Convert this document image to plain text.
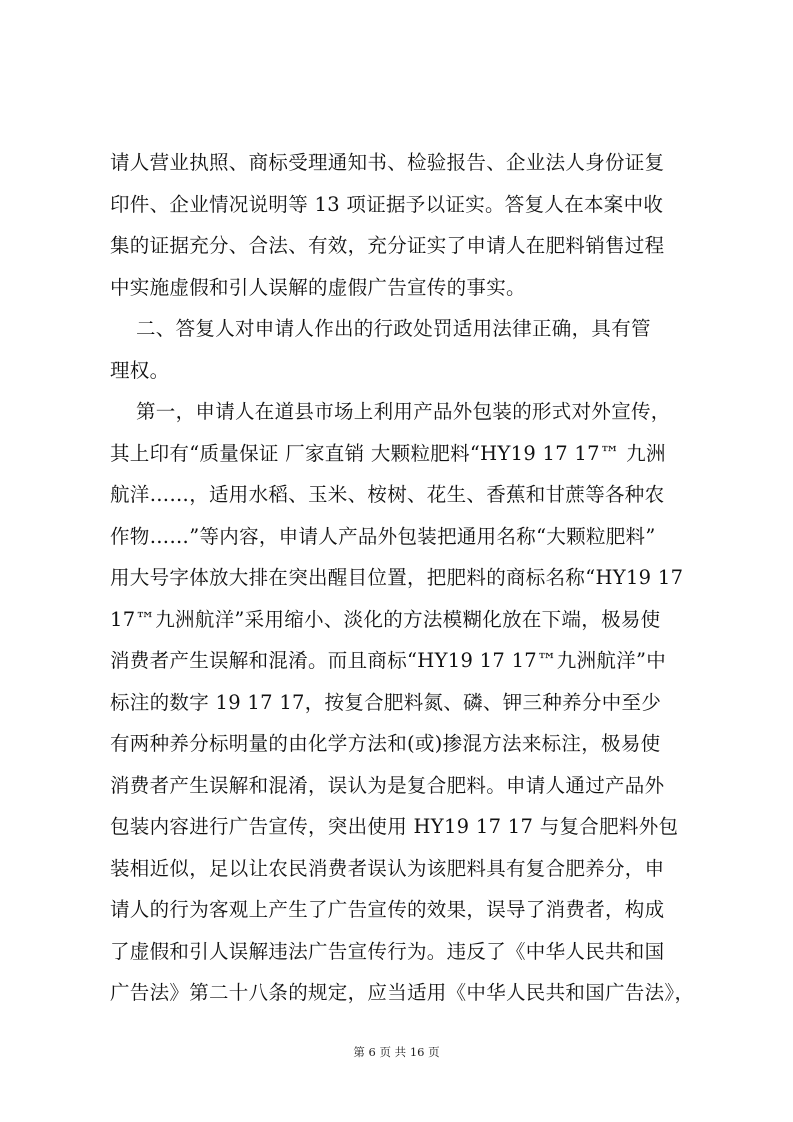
请人营业执照、商标受理通知书、检验报告、企业法人身份证复
印件、企业情况说明等 13 项证据予以证实。答复人在本案中收
集的证据充分、合法、有效，充分证实了申请人在肥料销售过程
中实施虚假和引人误解的虚假广告宣传的事实。
二、答复人对申请人作出的行政处罚适用法律正确，具有管
理权。
第一，申请人在道县市场上利用产品外包装的形式对外宣传，
其上印有“质量保证 厂家直销 大颗粒肥料“HY19 17 17™ 九洲
航洋……，适用水稻、玉米、桉树、花生、香蕉和甘蔗等各种农
作物……”等内容，申请人产品外包装把通用名称“大颗粒肥料”
用大号字体放大排在突出醒目位置，把肥料的商标名称“HY19 17
17™九洲航洋”采用缩小、淡化的方法模糊化放在下端，极易使
消费者产生误解和混淆。而且商标“HY19 17 17™九洲航洋”中
标注的数字 19 17 17，按复合肥料氮、磷、钾三种养分中至少
有两种养分标明量的由化学方法和(或)掺混方法来标注，极易使
消费者产生误解和混淆，误认为是复合肥料。申请人通过产品外
包装内容进行广告宣传，突出使用 HY19 17 17 与复合肥料外包
装相近似，足以让农民消费者误认为该肥料具有复合肥养分，申
请人的行为客观上产生了广告宣传的效果，误导了消费者，构成
了虚假和引人误解违法广告宣传行为。违反了《中华人民共和国
广告法》第二十八条的规定，应当适用《中华人民共和国广告法》，
第 6 页 共 16 页
